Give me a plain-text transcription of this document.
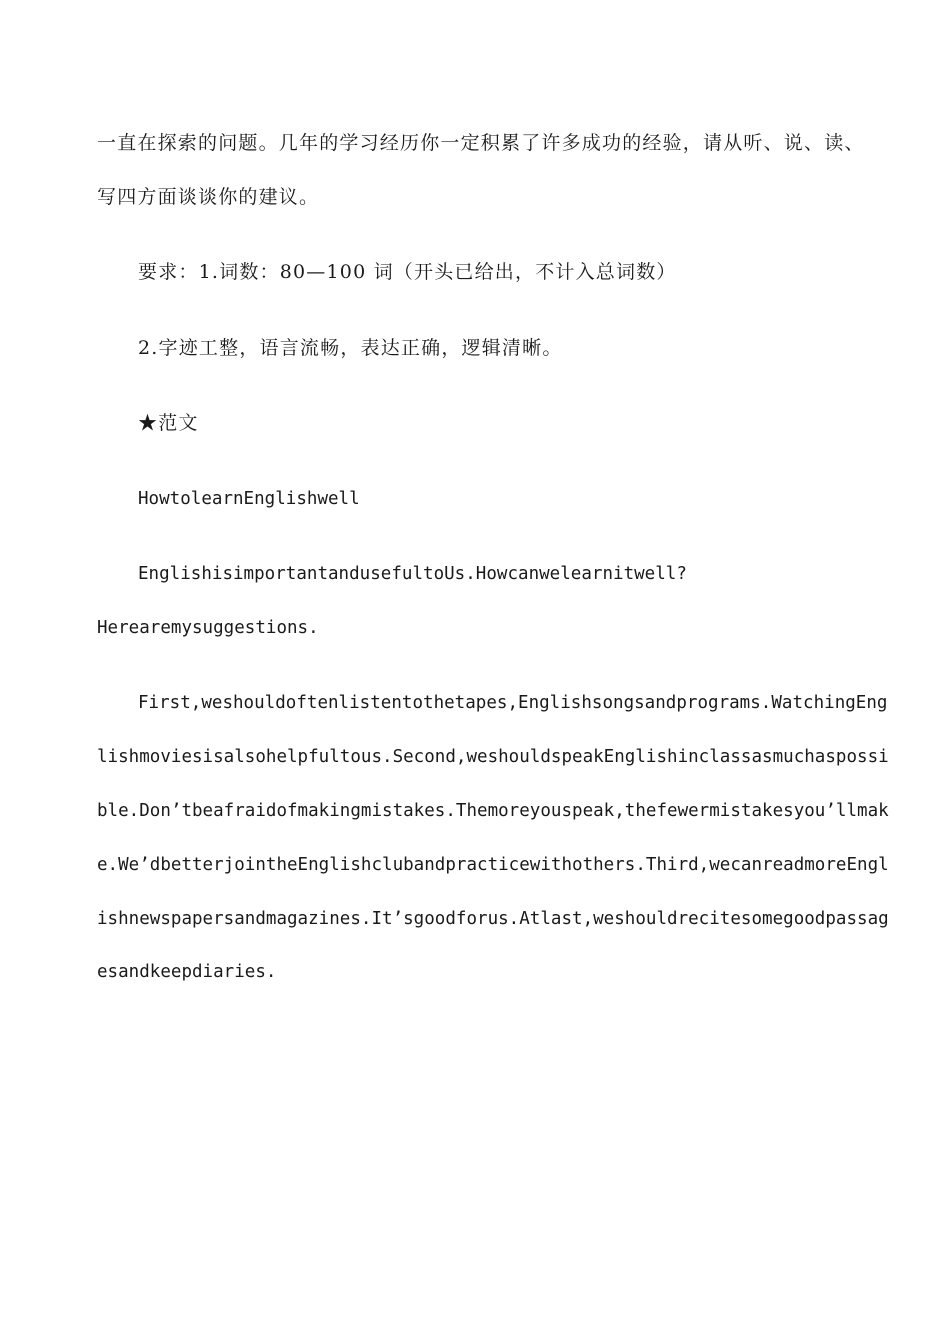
一直在探索的问题。几年的学习经历你一定积累了许多成功的经验，请从听、说、读、
写四方面谈谈你的建议。
要求：1.词数：80—100 词（开头已给出，不计入总词数）
2.字迹工整，语言流畅，表达正确，逻辑清晰。
★范文
HowtolearnEnglishwell
EnglishisimportantandusefultoUs.Howcanwelearnitwell?
Herearemysuggestions.
First,weshouldoftenlistentothetapes,Englishsongsandprograms.WatchingEng
lishmoviesisalsohelpfultous.Second,weshouldspeakEnglishinclassasmuchaspossi
ble.Don’tbeafraidofmakingmistakes.Themoreyouspeak,thefewermistakesyou’llmak
e.We’dbetterjointheEnglishclubandpracticewithothers.Third,wecanreadmoreEngl
ishnewspapersandmagazines.It’sgoodforus.Atlast,weshouldrecitesomegoodpassag
esandkeepdiaries.
